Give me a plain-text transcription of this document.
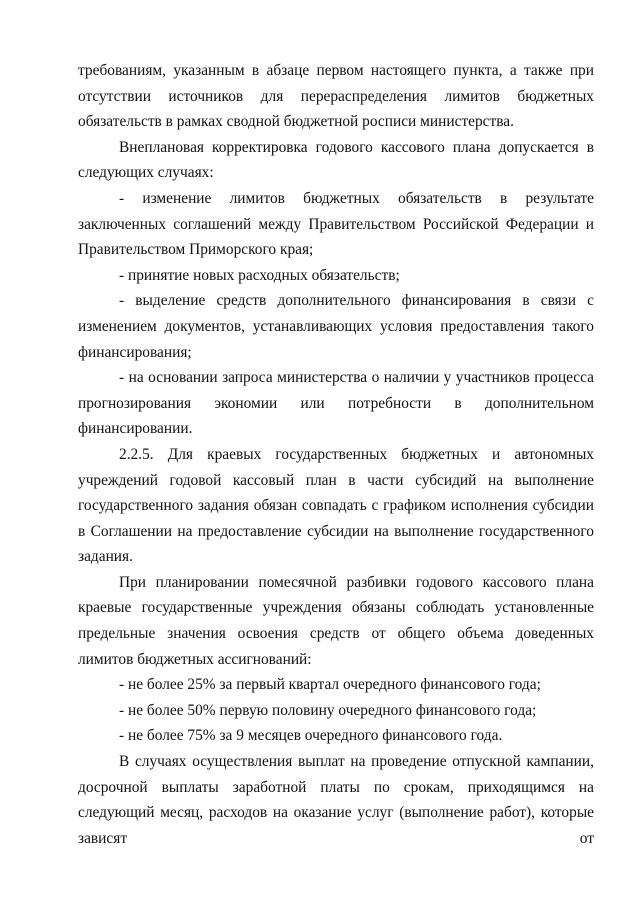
требованиям, указанным в абзаце первом настоящего пункта, а также при отсутствии источников для перераспределения лимитов бюджетных обязательств в рамках сводной бюджетной росписи министерства.

Внеплановая корректировка годового кассового плана допускается в следующих случаях:

- изменение лимитов бюджетных обязательств в результате заключенных соглашений между Правительством Российской Федерации и Правительством Приморского края;

- принятие новых расходных обязательств;

- выделение средств дополнительного финансирования в связи с изменением документов, устанавливающих условия предоставления такого финансирования;

- на основании запроса министерства о наличии у участников процесса прогнозирования экономии или потребности в дополнительном финансировании.

2.2.5. Для краевых государственных бюджетных и автономных учреждений годовой кассовый план в части субсидий на выполнение государственного задания обязан совпадать с графиком исполнения субсидии в Соглашении на предоставление субсидии на выполнение государственного задания.

При планировании помесячной разбивки годового кассового плана краевые государственные учреждения обязаны соблюдать установленные предельные значения освоения средств от общего объема доведенных лимитов бюджетных ассигнований:

- не более 25% за первый квартал очередного финансового года;

- не более 50% первую половину очередного финансового года;

- не более 75% за 9 месяцев очередного финансового года.

В случаях осуществления выплат на проведение отпускной кампании, досрочной выплаты заработной платы по срокам, приходящимся на следующий месяц, расходов на оказание услуг (выполнение работ), которые зависят от
